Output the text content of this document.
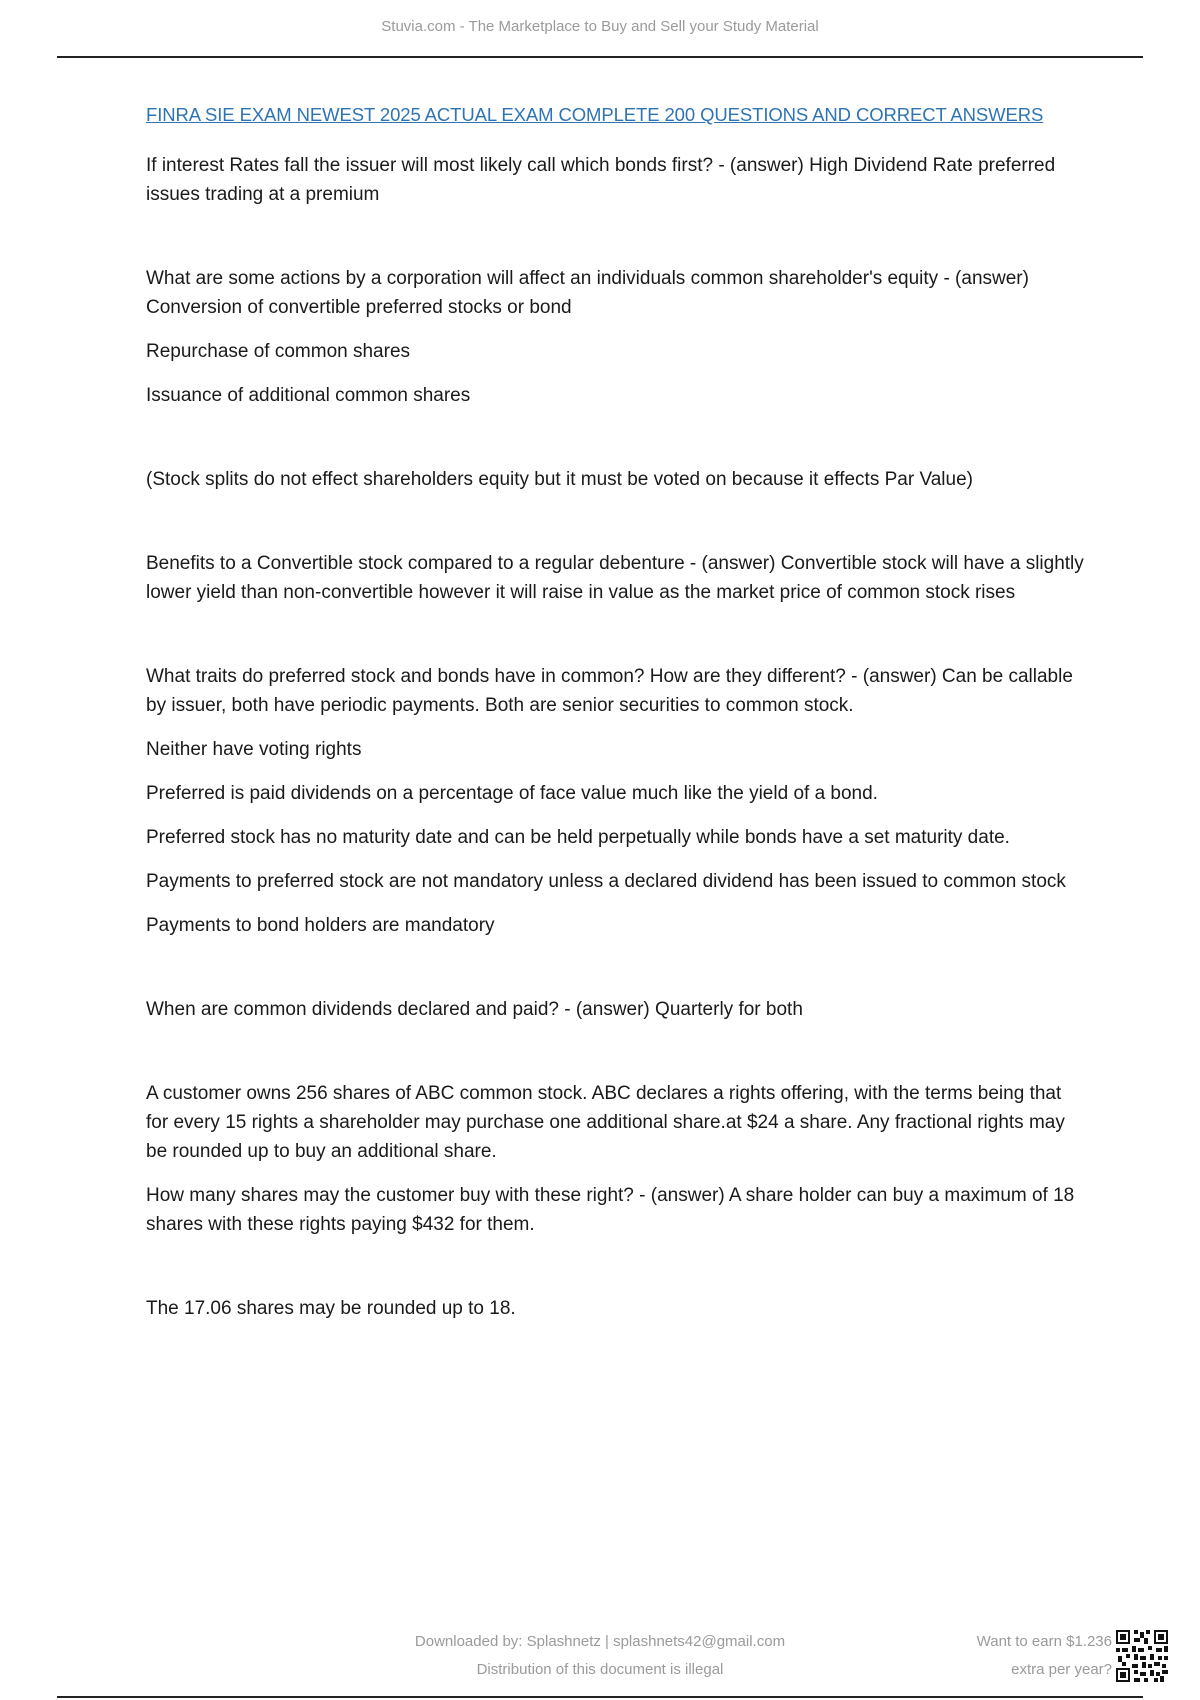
Stuvia.com - The Marketplace to Buy and Sell your Study Material
FINRA SIE EXAM NEWEST 2025 ACTUAL EXAM COMPLETE 200 QUESTIONS AND CORRECT ANSWERS

If interest Rates fall the issuer will most likely call which bonds first? - (answer) High Dividend Rate preferred issues trading at a premium

What are some actions by a corporation will affect an individuals common shareholder's equity - (answer) Conversion of convertible preferred stocks or bond

Repurchase of common shares

Issuance of additional common shares

(Stock splits do not effect shareholders equity but it must be voted on because it effects Par Value)

Benefits to a Convertible stock compared to a regular debenture - (answer) Convertible stock will have a slightly lower yield than non-convertible however it will raise in value as the market price of common stock rises

What traits do preferred stock and bonds have in common? How are they different? - (answer) Can be callable by issuer, both have periodic payments. Both are senior securities to common stock.

Neither have voting rights

Preferred is paid dividends on a percentage of face value much like the yield of a bond.

Preferred stock has no maturity date and can be held perpetually while bonds have a set maturity date.

Payments to preferred stock are not mandatory unless a declared dividend has been issued to common stock

Payments to bond holders are mandatory

When are common dividends declared and paid? - (answer) Quarterly for both

A customer owns 256 shares of ABC common stock. ABC declares a rights offering, with the terms being that for every 15 rights a shareholder may purchase one additional share.at $24 a share. Any fractional rights may be rounded up to buy an additional share.

How many shares may the customer buy with these right? - (answer) A share holder can buy a maximum of 18 shares with these rights paying $432 for them.

The 17.06 shares may be rounded up to 18.

Downloaded by: Splashnetz | splashnets42@gmail.com
Distribution of this document is illegal
Want to earn $1.236
extra per year?
